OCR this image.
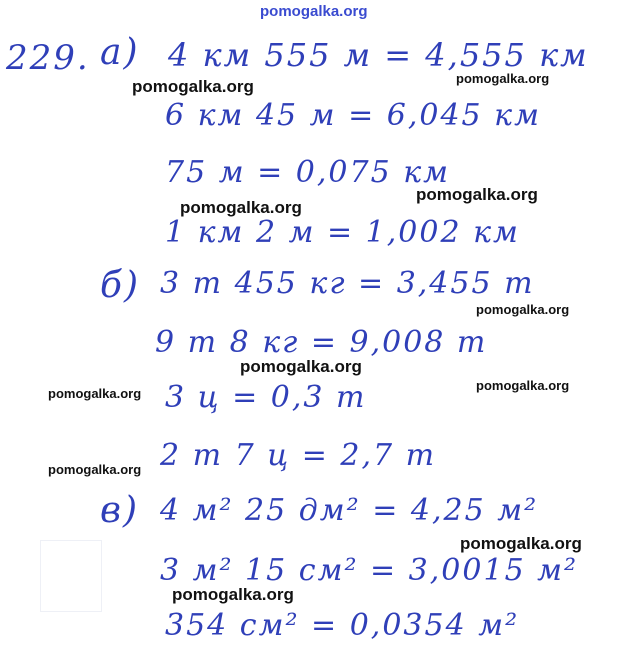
pomogalka.org
229. а) 4 км 555 м = 4,555 км
6 км 45 м = 6,045 км
75 м = 0,075 км
1 км 2 м = 1,002 км
б) 3 т 455 кг = 3,455 т
9 т 8 кг = 9,008 т
3 ц = 0,3 т
2 т 7 ц = 2,7 т
в) 4 м² 25 дм² = 4,25 м²
3 м² 15 см² = 3,0015 м²
354 см² = 0,0354 м²
pomogalka.org	pomogalka.org
pomogalka.org
pomogalka.org
pomogalka.org
pomogalka.org
pomogalka.org
pomogalka.org
pomogalka.org
pomogalka.org
pomogalka.org
